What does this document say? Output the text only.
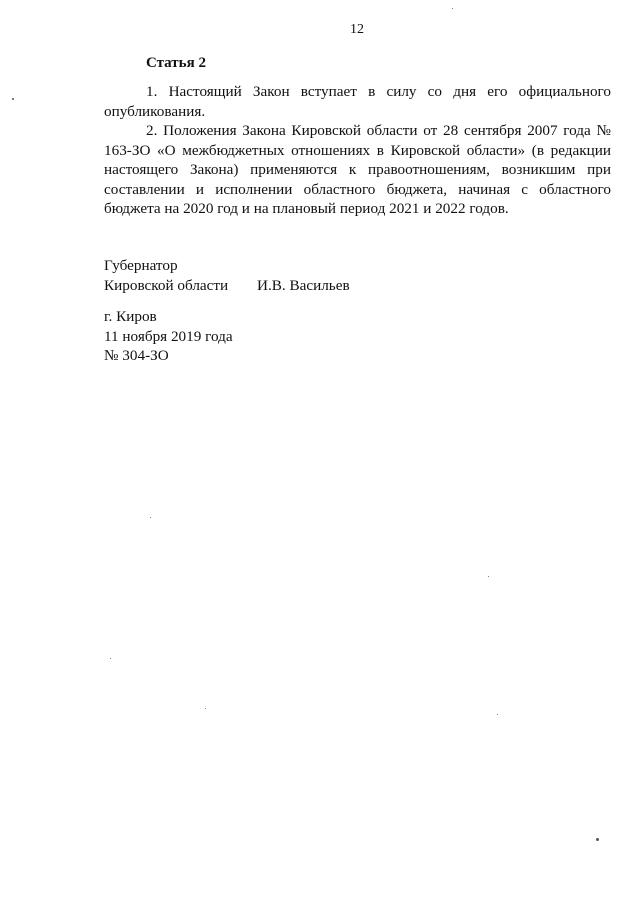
12
Статья 2

1. Настоящий Закон вступает в силу со дня его официального опубликования.

2. Положения Закона Кировской области от 28 сентября 2007 года № 163-ЗО «О межбюджетных отношениях в Кировской области» (в редакции настоящего Закона) применяются к правоотношениям, возникшим при составлении и исполнении областного бюджета, начиная с областного бюджета на 2020 год и на плановый период 2021 и 2022 годов.

Губернатор
Кировской области	И.В. Васильев
г. Киров
11 ноября 2019 года
№ 304-ЗО
